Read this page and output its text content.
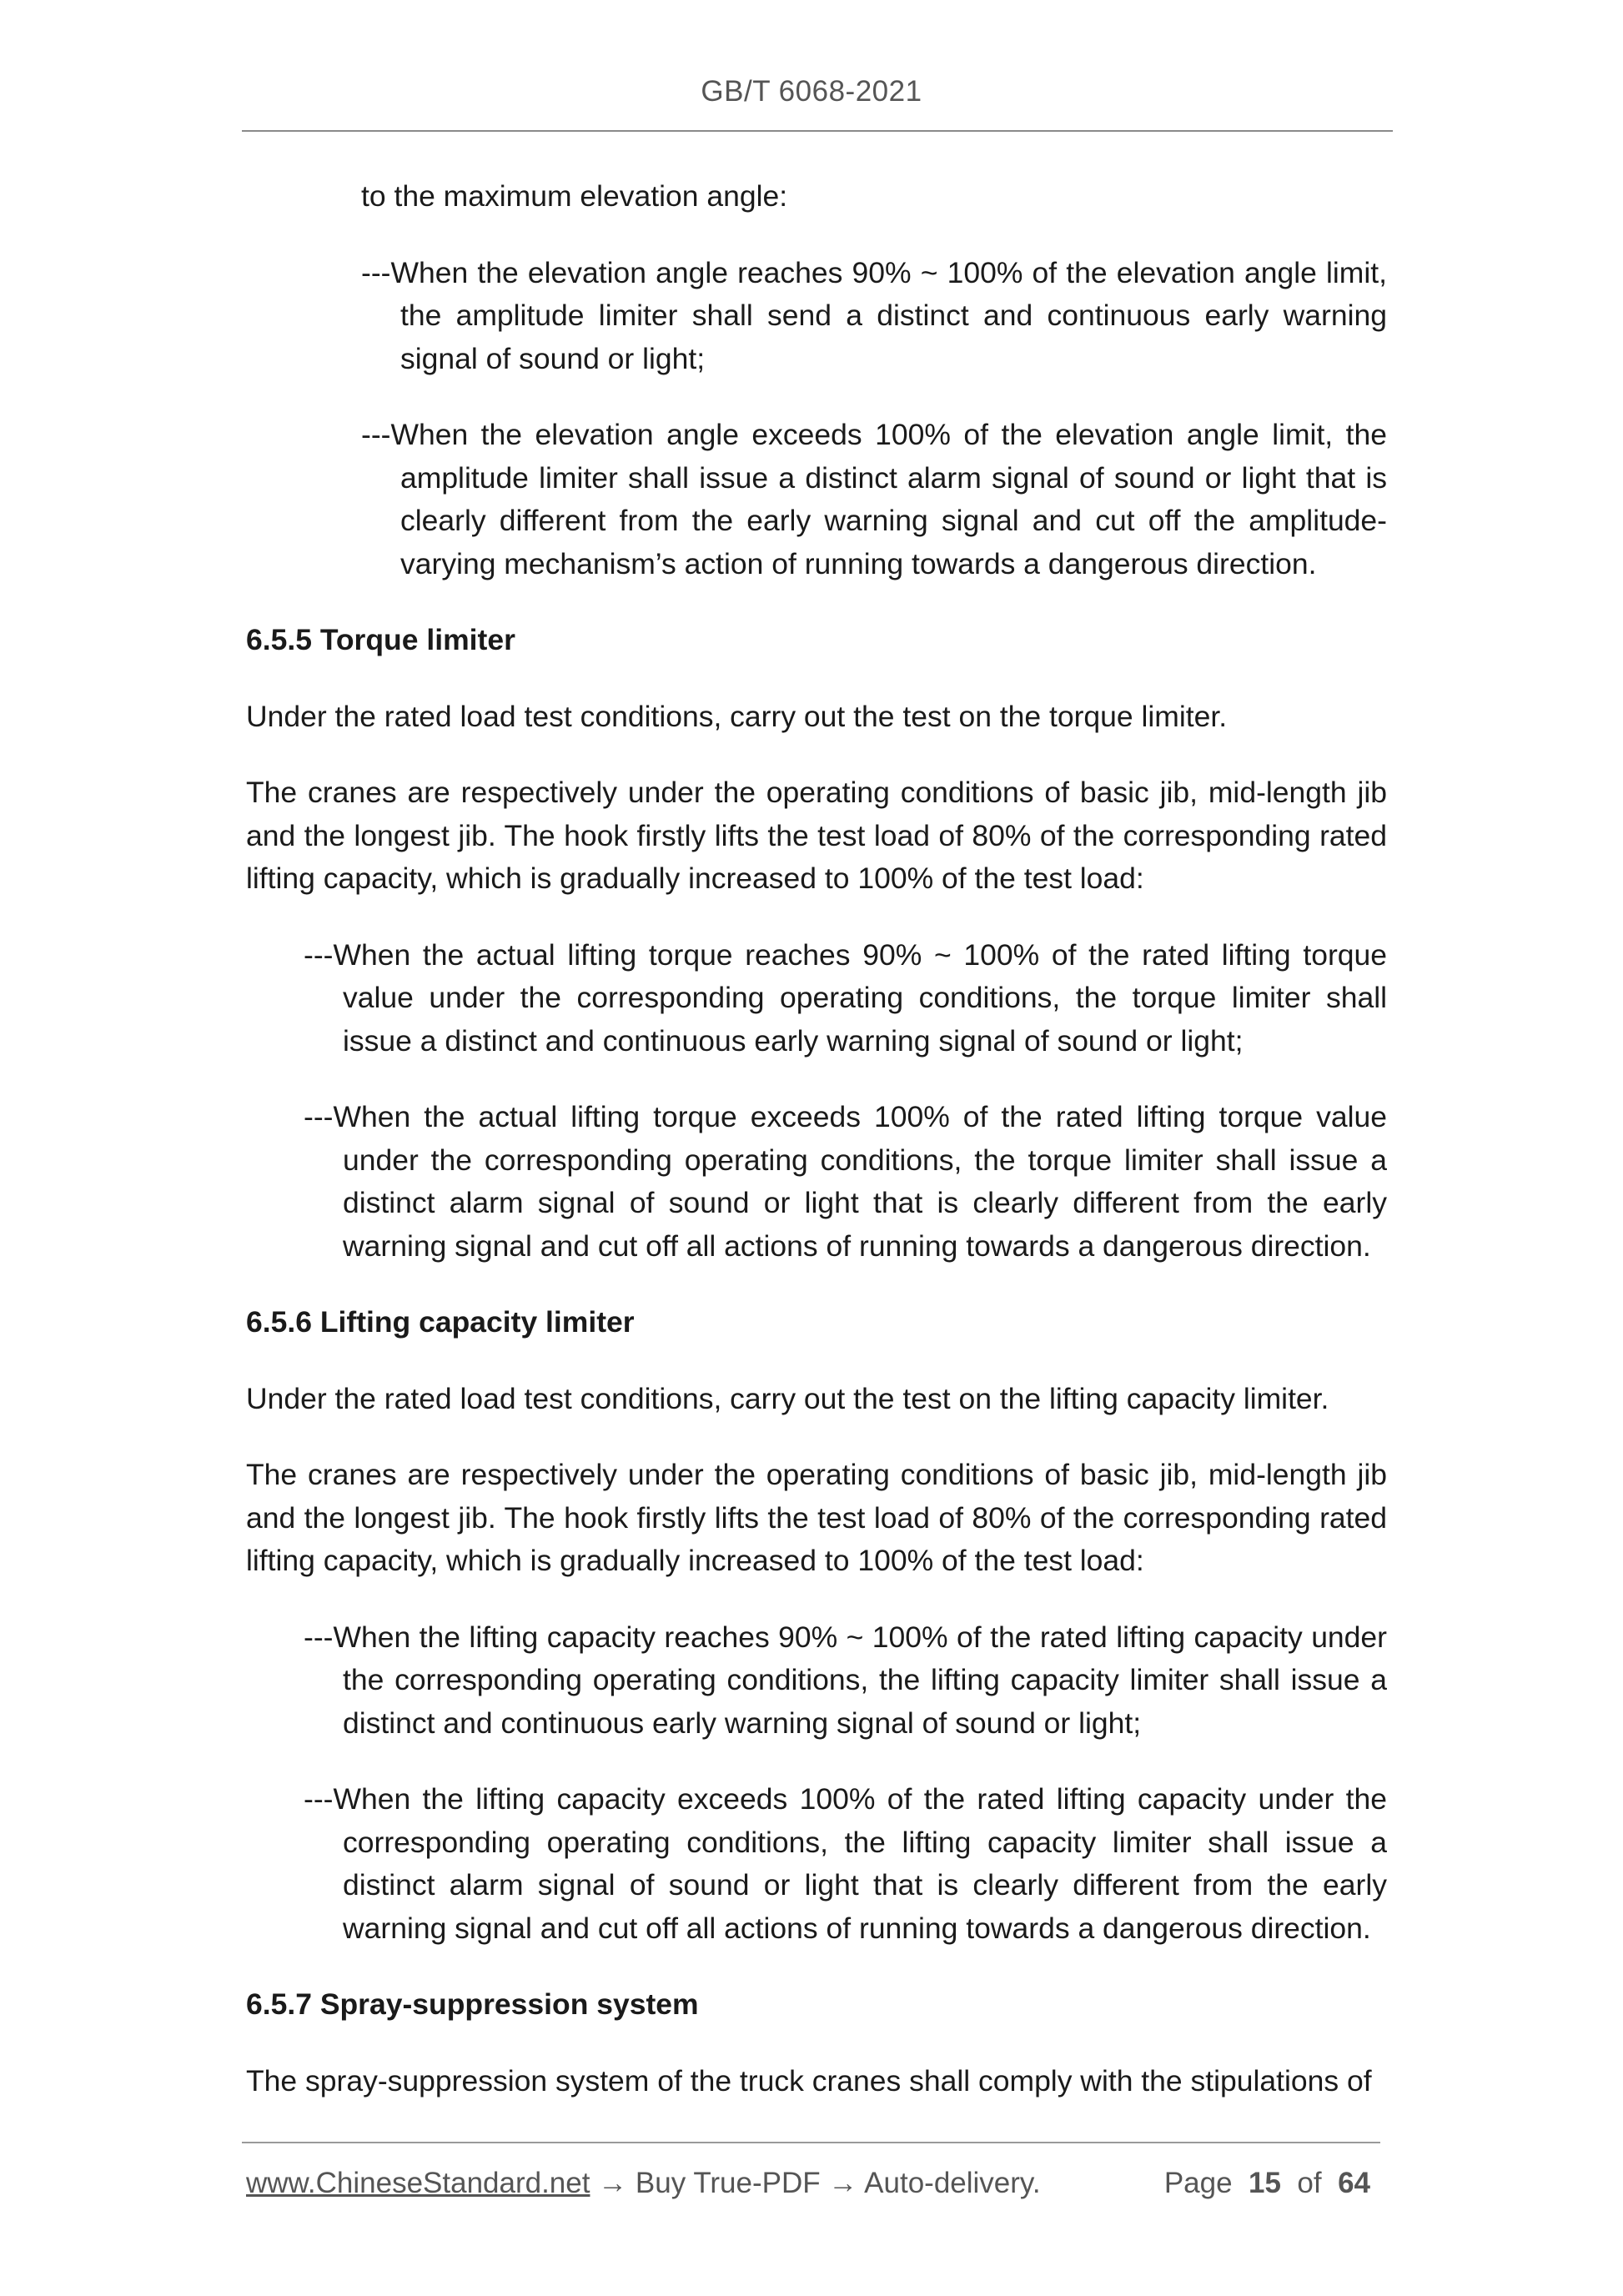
GB/T 6068-2021

to the maximum elevation angle:

---When the elevation angle reaches 90% ~ 100% of the elevation angle limit, the amplitude limiter shall send a distinct and continuous early warning signal of sound or light;
---When the elevation angle exceeds 100% of the elevation angle limit, the amplitude limiter shall issue a distinct alarm signal of sound or light that is clearly different from the early warning signal and cut off the amplitude-varying mechanism’s action of running towards a dangerous direction.

6.5.5 Torque limiter

Under the rated load test conditions, carry out the test on the torque limiter.

The cranes are respectively under the operating conditions of basic jib, mid-length jib and the longest jib. The hook firstly lifts the test load of 80% of the corresponding rated lifting capacity, which is gradually increased to 100% of the test load:

---When the actual lifting torque reaches 90% ~ 100% of the rated lifting torque value under the corresponding operating conditions, the torque limiter shall issue a distinct and continuous early warning signal of sound or light;
---When the actual lifting torque exceeds 100% of the rated lifting torque value under the corresponding operating conditions, the torque limiter shall issue a distinct alarm signal of sound or light that is clearly different from the early warning signal and cut off all actions of running towards a dangerous direction.

6.5.6 Lifting capacity limiter

Under the rated load test conditions, carry out the test on the lifting capacity limiter.

The cranes are respectively under the operating conditions of basic jib, mid-length jib and the longest jib. The hook firstly lifts the test load of 80% of the corresponding rated lifting capacity, which is gradually increased to 100% of the test load:

---When the lifting capacity reaches 90% ~ 100% of the rated lifting capacity under the corresponding operating conditions, the lifting capacity limiter shall issue a distinct and continuous early warning signal of sound or light;
---When the lifting capacity exceeds 100% of the rated lifting capacity under the corresponding operating conditions, the lifting capacity limiter shall issue a distinct alarm signal of sound or light that is clearly different from the early warning signal and cut off all actions of running towards a dangerous direction.

6.5.7 Spray-suppression system

The spray-suppression system of the truck cranes shall comply with the stipulations of

www.ChineseStandard.net → Buy True-PDF → Auto-delivery.	Page 15 of 64
